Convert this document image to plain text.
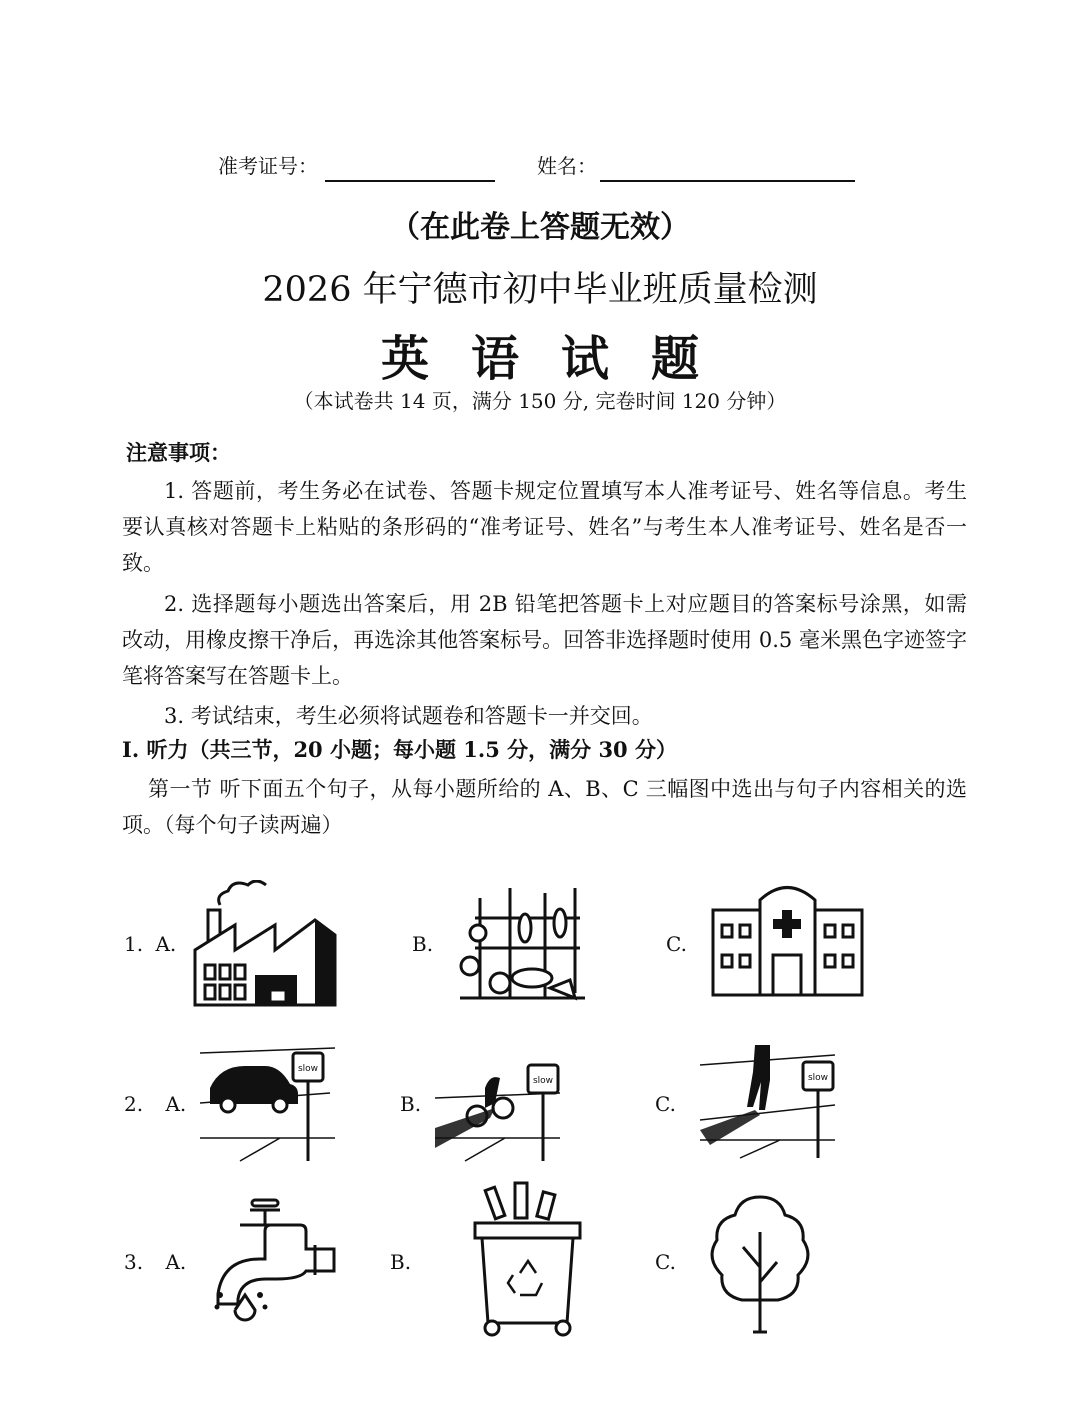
准考证号：	姓名：
（在此卷上答题无效）
2026 年宁德市初中毕业班质量检测
英语试题
（本试卷共 14 页，满分 150 分, 完卷时间 120 分钟）
注意事项：
1. 答题前，考生务必在试卷、答题卡规定位置填写本人准考证号、姓名等信息。考生要认真核对答题卡上粘贴的条形码的“准考证号、姓名”与考生本人准考证号、姓名是否一致。
2. 选择题每小题选出答案后，用 2B 铅笔把答题卡上对应题目的答案标号涂黑，如需改动，用橡皮擦干净后，再选涂其他答案标号。回答非选择题时使用 0.5 毫米黑色字迹签字笔将答案写在答题卡上。
3. 考试结束，考生必须将试题卷和答题卡一并交回。
Ⅰ. 听力（共三节，20 小题；每小题 1.5 分，满分 30 分）
第一节 听下面五个句子，从每小题所给的 A、B、C 三幅图中选出与句子内容相关的选项。（每个句子读两遍）
1. A.	B.	C.
2. A.
slow
B.
slow
C.
slow
3. A.	B.	C.
